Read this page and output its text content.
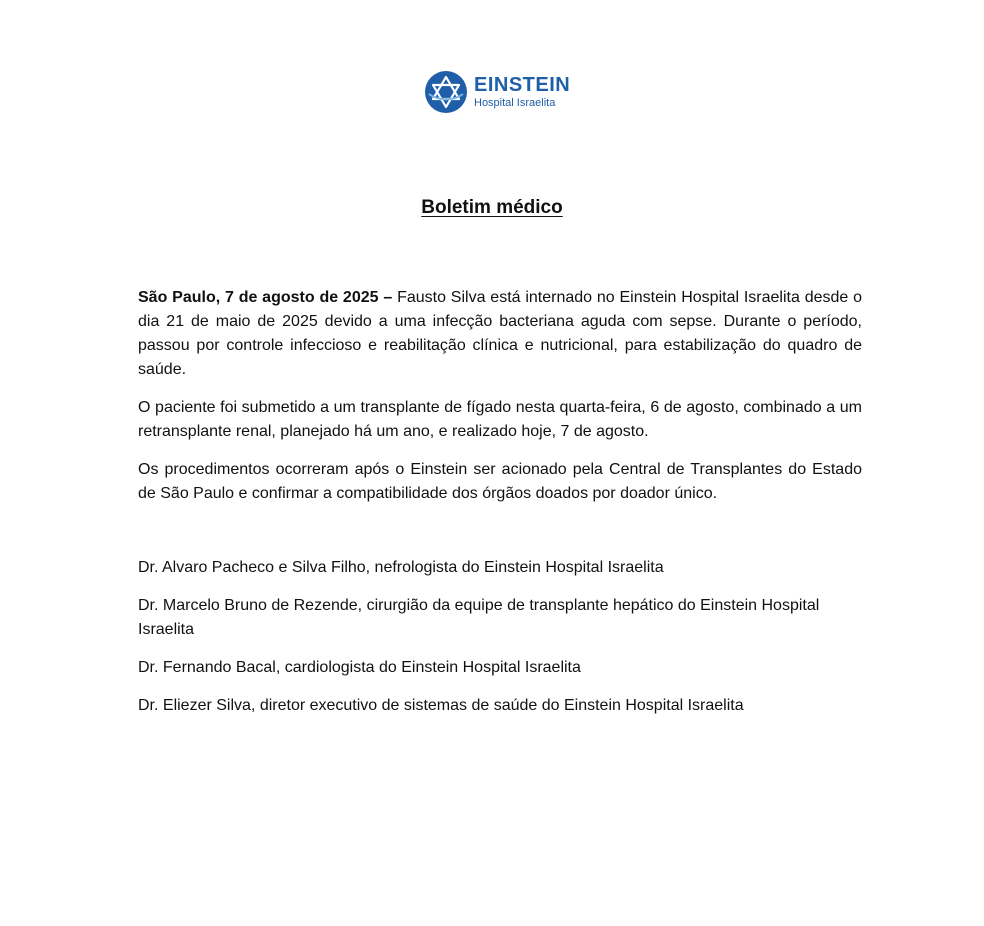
EINSTEIN
Hospital Israelita
Boletim médico

São Paulo, 7 de agosto de 2025 – Fausto Silva está internado no Einstein Hospital Israelita desde o dia 21 de maio de 2025 devido a uma infecção bacteriana aguda com sepse. Durante o período, passou por controle infeccioso e reabilitação clínica e nutricional, para estabilização do quadro de saúde.

O paciente foi submetido a um transplante de fígado nesta quarta-feira, 6 de agosto, combinado a um retransplante renal, planejado há um ano, e realizado hoje, 7 de agosto.

Os procedimentos ocorreram após o Einstein ser acionado pela Central de Transplantes do Estado de São Paulo e confirmar a compatibilidade dos órgãos doados por doador único.

Dr. Alvaro Pacheco e Silva Filho, nefrologista do Einstein Hospital Israelita

Dr. Marcelo Bruno de Rezende, cirurgião da equipe de transplante hepático do Einstein Hospital Israelita

Dr. Fernando Bacal, cardiologista do Einstein Hospital Israelita

Dr. Eliezer Silva, diretor executivo de sistemas de saúde do Einstein Hospital Israelita
